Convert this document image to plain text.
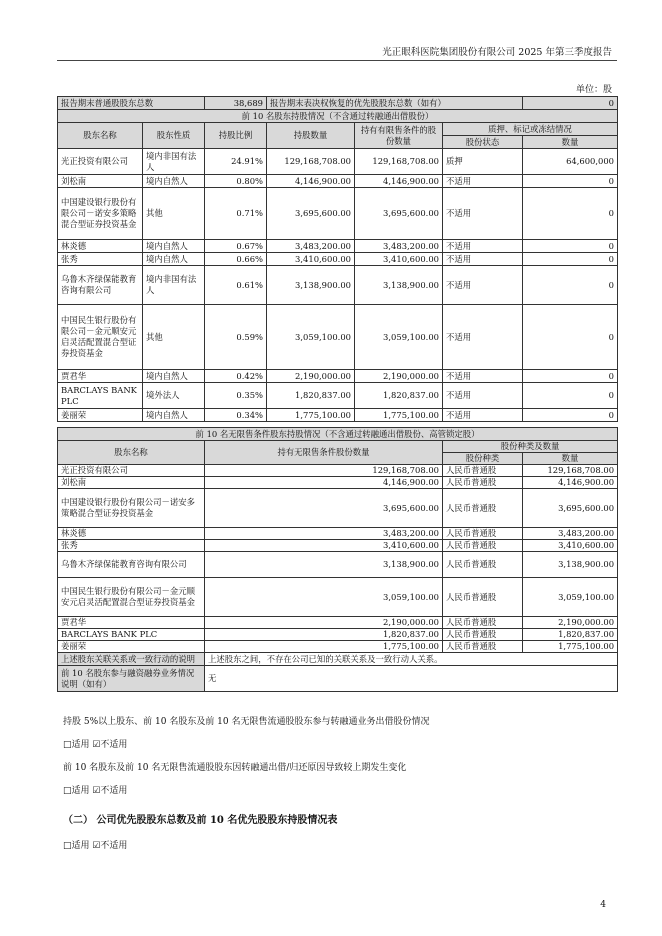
光正眼科医院集团股份有限公司 2025 年第三季度报告
单位：股
报告期末普通股股东总数		38,689	报告期末表决权恢复的优先股股东总数（如有）			0
前 10 名股东持股情况（不含通过转融通出借股份）						
股东名称	股东性质	持股比例	持股数量	持有有限售条件的股份数量	质押、标记或冻结情况	
					股份状态	数量
光正投资有限公司	境内非国有法人	24.91%	129,168,708.00	129,168,708.00	质押	64,600,000
刘松南	境内自然人	0.80%	4,146,900.00	4,146,900.00	不适用	0
中国建设银行股份有限公司－诺安多策略混合型证券投资基金	其他	0.71%	3,695,600.00	3,695,600.00	不适用	0
林炎德	境内自然人	0.67%	3,483,200.00	3,483,200.00	不适用	0
张秀	境内自然人	0.66%	3,410,600.00	3,410,600.00	不适用	0
乌鲁木齐绿保能教育咨询有限公司	境内非国有法人	0.61%	3,138,900.00	3,138,900.00	不适用	0
中国民生银行股份有限公司－金元顺安元启灵活配置混合型证券投资基金	其他	0.59%	3,059,100.00	3,059,100.00	不适用	0
贾君华	境内自然人	0.42%	2,190,000.00	2,190,000.00	不适用	0
BARCLAYS BANK PLC	境外法人	0.35%	1,820,837.00	1,820,837.00	不适用	0
姜丽荣	境内自然人	0.34%	1,775,100.00	1,775,100.00	不适用	0
前 10 名无限售条件股东持股情况（不含通过转融通出借股份、高管锁定股）			
股东名称	持有无限售条件股份数量	股份种类及数量	
		股份种类	数量
光正投资有限公司	129,168,708.00	人民币普通股	129,168,708.00
刘松南	4,146,900.00	人民币普通股	4,146,900.00
中国建设银行股份有限公司－诺安多策略混合型证券投资基金	3,695,600.00	人民币普通股	3,695,600.00
林炎德	3,483,200.00	人民币普通股	3,483,200.00
张秀	3,410,600.00	人民币普通股	3,410,600.00
乌鲁木齐绿保能教育咨询有限公司	3,138,900.00	人民币普通股	3,138,900.00
中国民生银行股份有限公司－金元顺安元启灵活配置混合型证券投资基金	3,059,100.00	人民币普通股	3,059,100.00
贾君华	2,190,000.00	人民币普通股	2,190,000.00
BARCLAYS BANK PLC	1,820,837.00	人民币普通股	1,820,837.00
姜丽荣	1,775,100.00	人民币普通股	1,775,100.00
上述股东关联关系或一致行动的说明	上述股东之间，不存在公司已知的关联关系及一致行动人关系。		
前 10 名股东参与融资融券业务情况说明（如有）	无		
持股 5%以上股东、前 10 名股东及前 10 名无限售流通股股东参与转融通业务出借股份情况
□适用 ☑不适用
前 10 名股东及前 10 名无限售流通股股东因转融通出借/归还原因导致较上期发生变化
□适用 ☑不适用
（二） 公司优先股股东总数及前 10 名优先股股东持股情况表
□适用 ☑不适用
4
